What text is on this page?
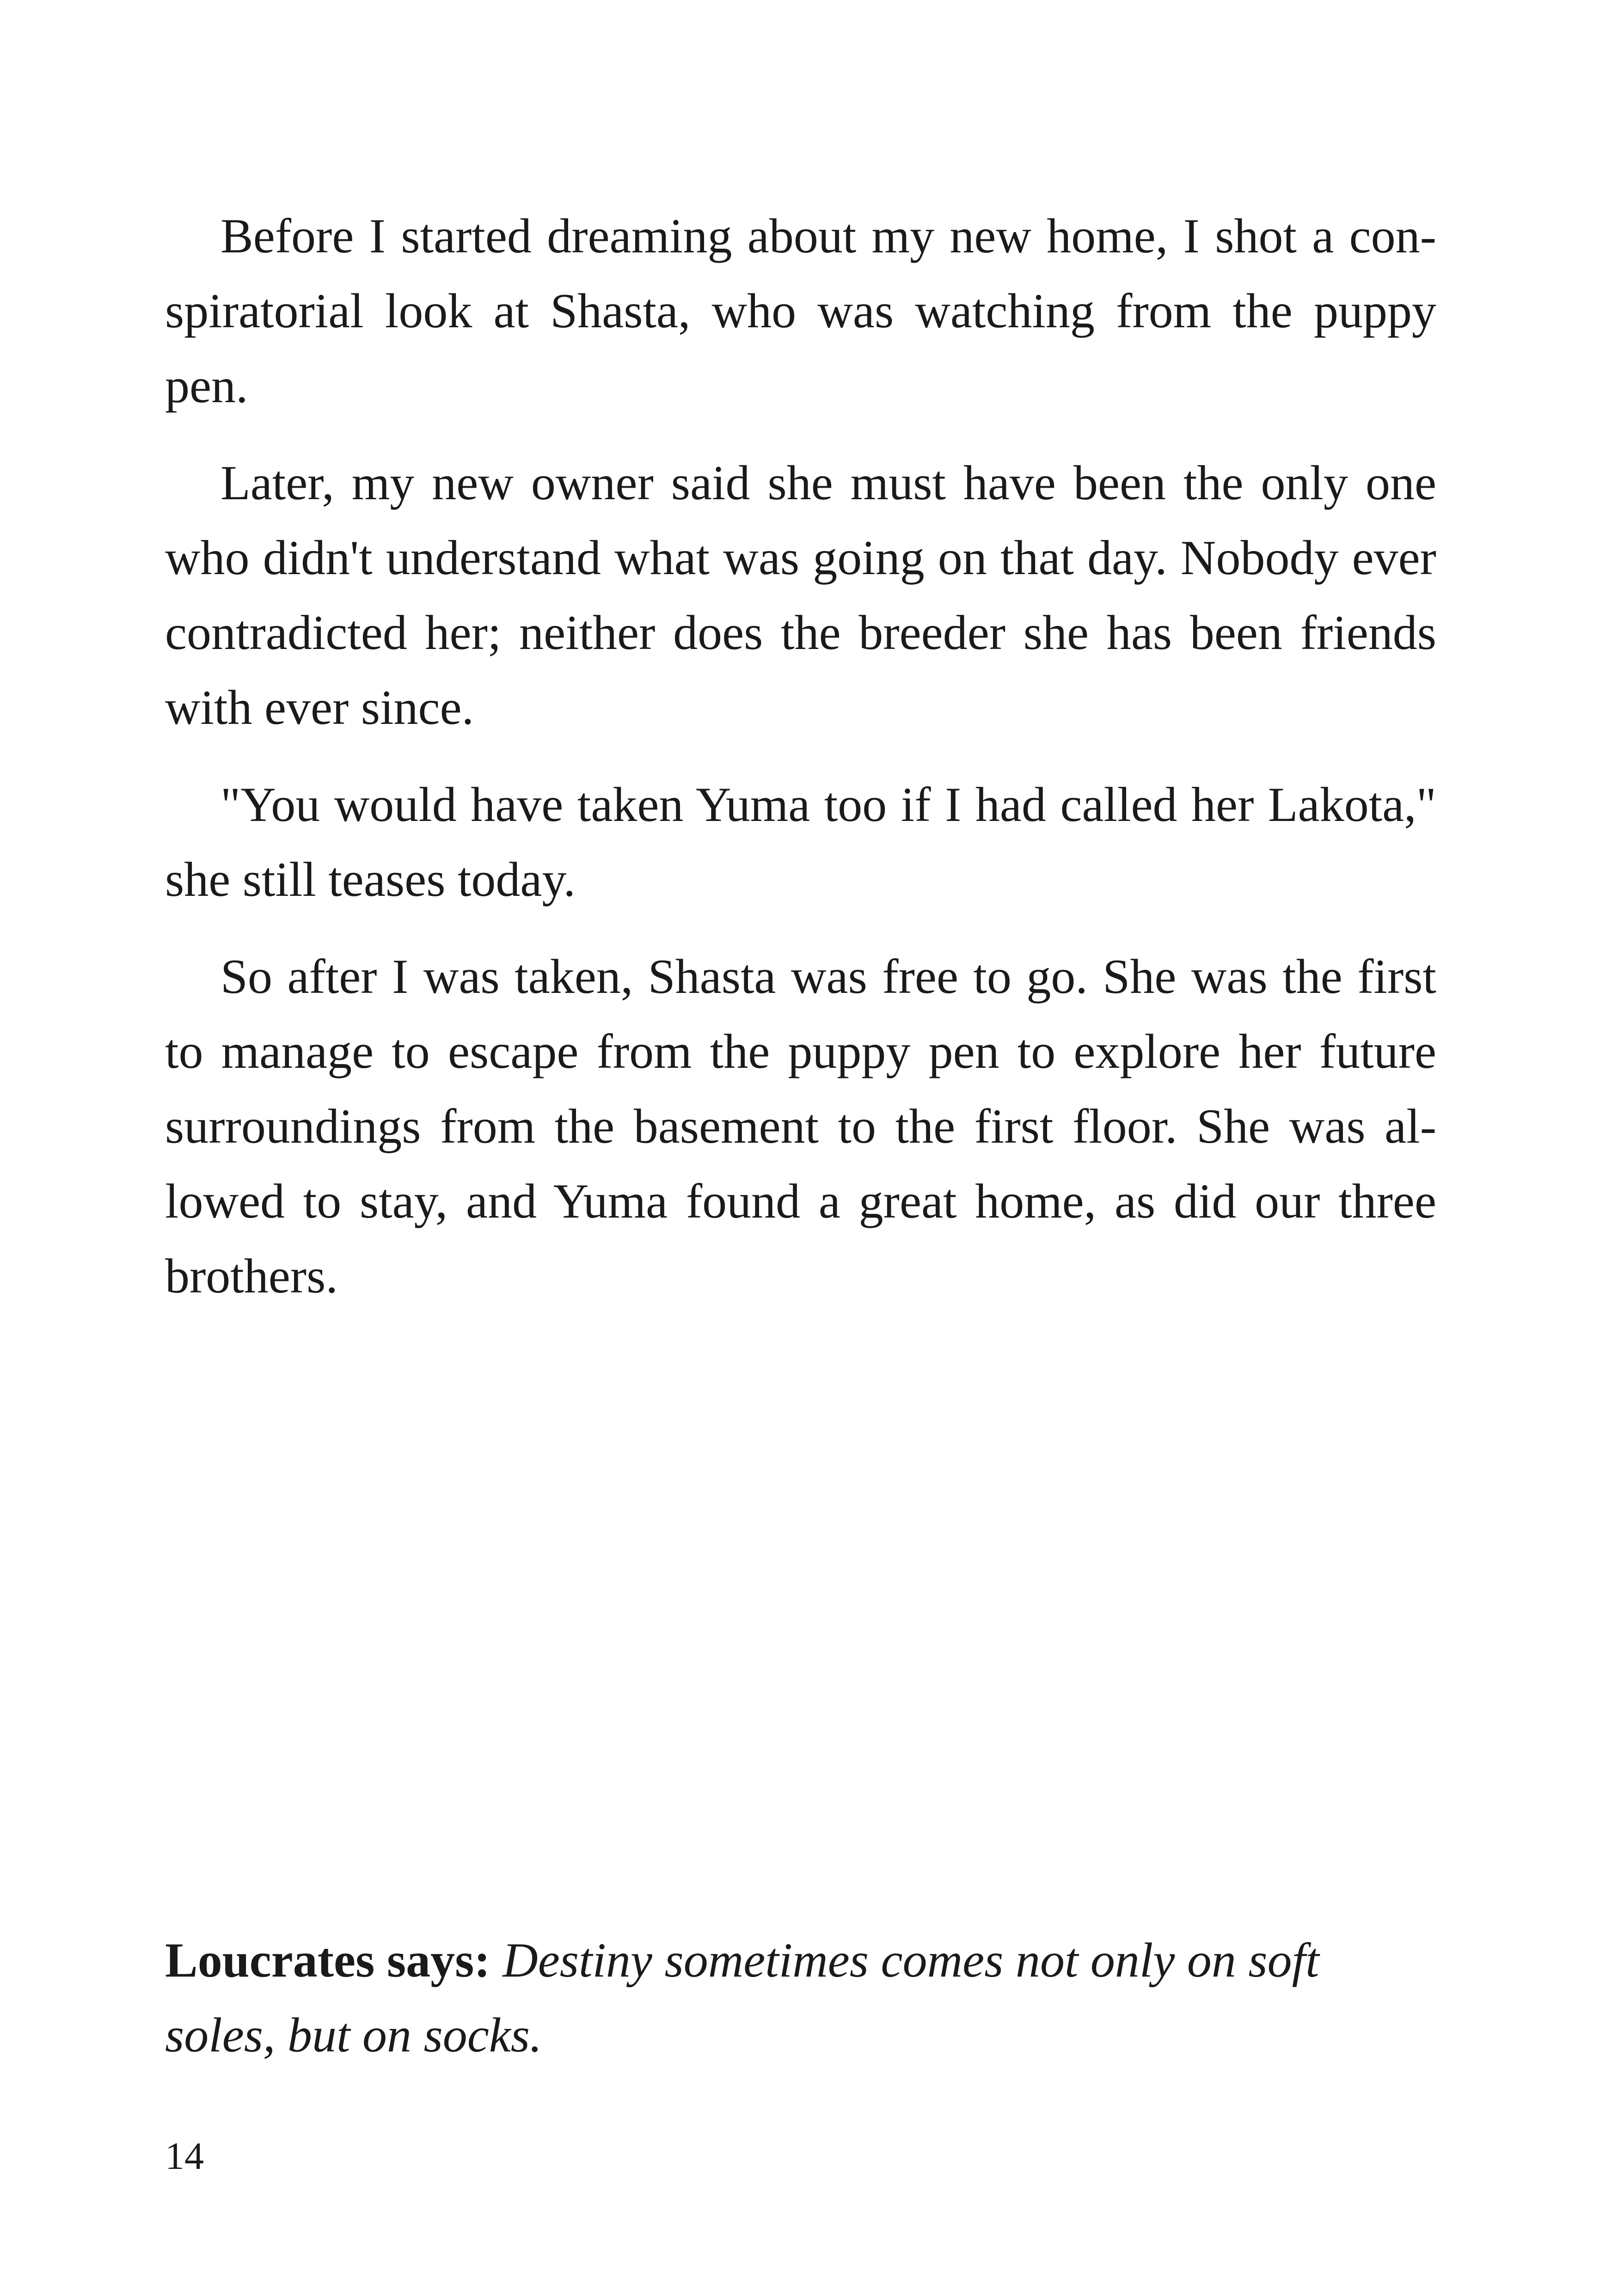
Before I started dreaming about my new home, I shot a conspiratorial look at Shasta, who was watching from the puppy pen.

Later, my new owner said she must have been the only one who didn't understand what was going on that day. Nobody ever contradicted her; neither does the breeder she has been friends with ever since.

"You would have taken Yuma too if I had called her Lakota," she still teases today.

So after I was taken, Shasta was free to go. She was the first to manage to escape from the puppy pen to explore her future surroundings from the basement to the first floor. She was allowed to stay, and Yuma found a great home, as did our three brothers.

Loucrates says: Destiny sometimes comes not only on soft soles, but on socks.

14
